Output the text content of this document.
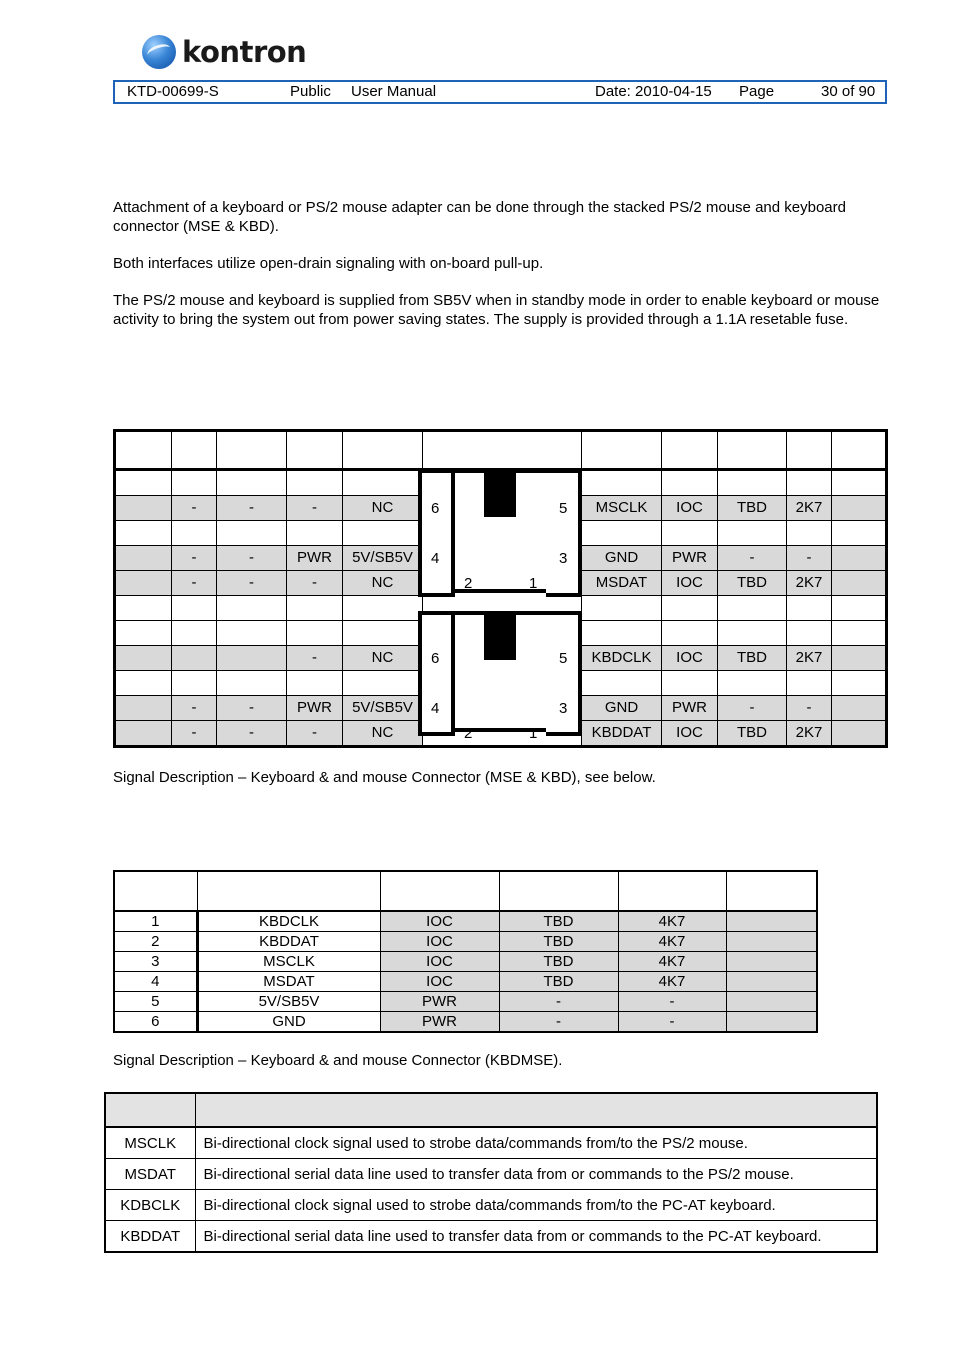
kontron
KTD-00699-S	Public User Manual	Date: 2010-04-15 Page	30 of 90
Attachment of a keyboard or PS/2 mouse adapter can be done through the stacked PS/2 mouse and keyboard connector (MSE & KBD).
Both interfaces utilize open-drain signaling with on-board pull-up.
The PS/2 mouse and keyboard is supplied from SB5V when in standby mode in order to enable keyboard or mouse activity to bring the system out from power saving states. The supply is provided through a 1.1A resetable fuse.

	-	-	-	NC		MSCLK	IOC	TBD	2K7	

	-	-	PWR	5V/SB5V		GND	PWR	-	-	
	-	-	-	NC		MSDAT	IOC	TBD	2K7	

			-	NC		KBDCLK	IOC	TBD	2K7	

	-	-	PWR	5V/SB5V		GND	PWR	-	-	
	-	-	-	NC		KBDDAT	IOC	TBD	2K7	
6	5
4	3
2	1
6	5
4	3
2	1
Signal Description – Keyboard & and mouse Connector (MSE & KBD), see below.

1	KBDCLK	IOC	TBD	4K7	
2	KBDDAT	IOC	TBD	4K7	
3	MSCLK	IOC	TBD	4K7	
4	MSDAT	IOC	TBD	4K7	
5	5V/SB5V	PWR	-	-	
6	GND	PWR	-	-	
Signal Description – Keyboard & and mouse Connector (KBDMSE).

MSCLK	Bi-directional clock signal used to strobe data/commands from/to the PS/2 mouse.
MSDAT	Bi-directional serial data line used to transfer data from or commands to the PS/2 mouse.
KDBCLK	Bi-directional clock signal used to strobe data/commands from/to the PC-AT keyboard.
KBDDAT	Bi-directional serial data line used to transfer data from or commands to the PC-AT keyboard.
